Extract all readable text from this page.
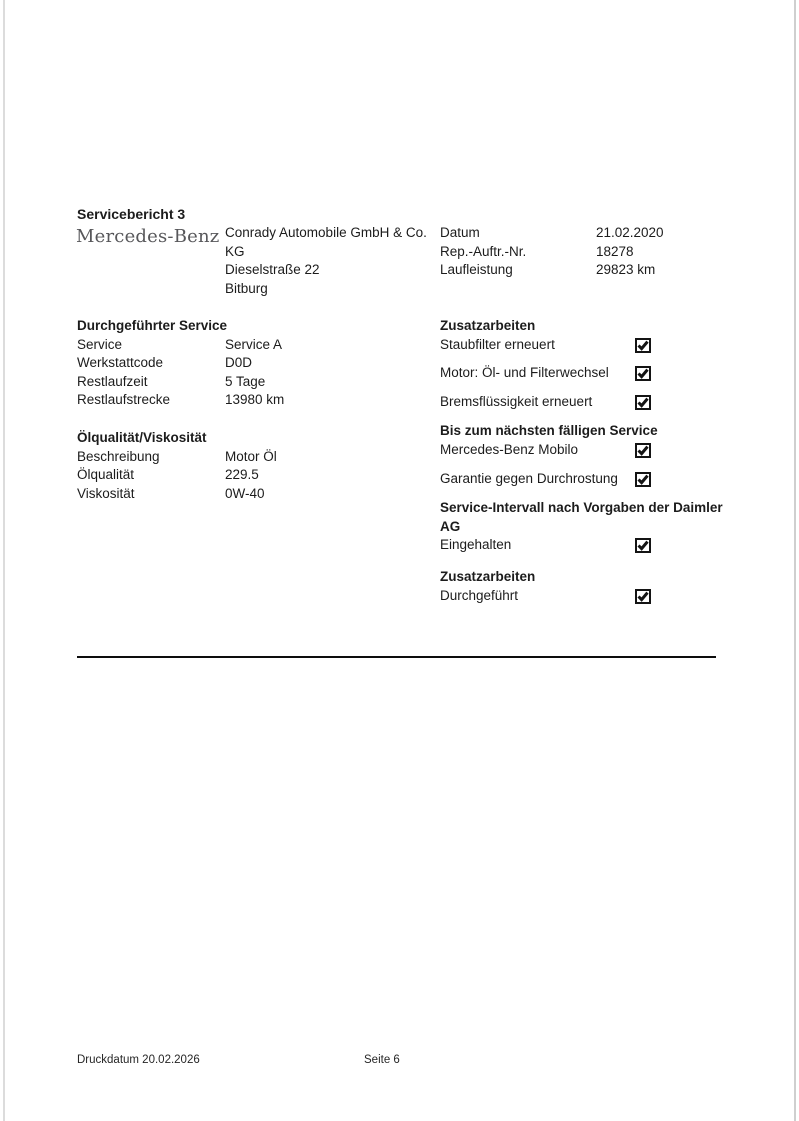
Servicebericht 3
Mercedes-Benz Conrady Automobile GmbH & Co.
KG
Dieselstraße 22
Bitburg
Datum	21.02.2020
Rep.-Auftr.-Nr.	18278
Laufleistung	29823 km
Durchgeführter Service
Service	Service A
Werkstattcode	D0D
Restlaufzeit	5 Tage
Restlaufstrecke	13980 km
Ölqualität/Viskosität
Beschreibung	Motor Öl
Ölqualität	229.5
Viskosität	0W-40
Zusatzarbeiten
Staubfilter erneuert
Motor: Öl- und Filterwechsel
Bremsflüssigkeit erneuert
Bis zum nächsten fälligen Service
Mercedes-Benz Mobilo
Garantie gegen Durchrostung
Service-Intervall nach Vorgaben der Daimler
AG
Eingehalten
Zusatzarbeiten
Durchgeführt
Druckdatum 20.02.2026	Seite 6
